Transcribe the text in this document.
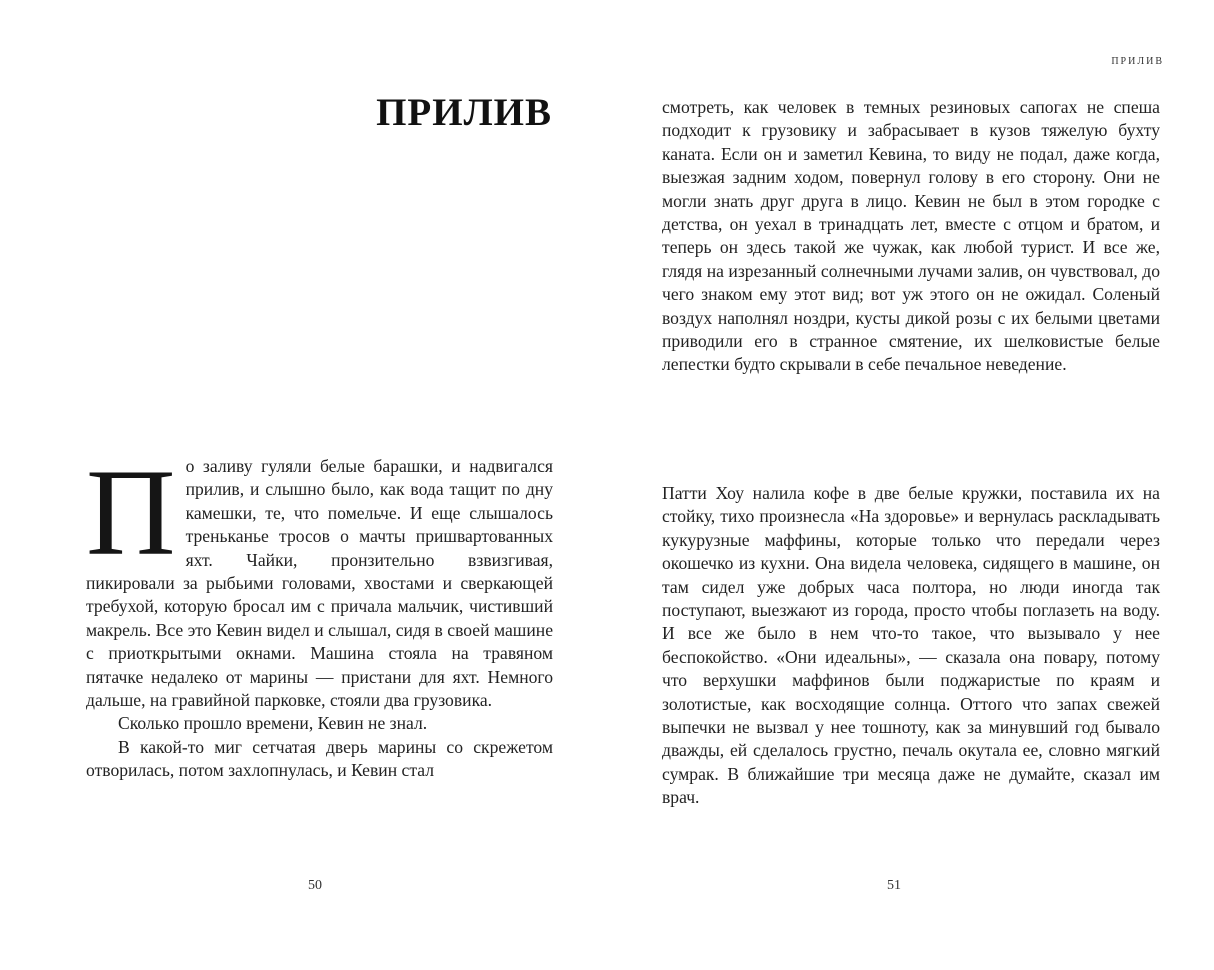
ПРИЛИВ

П о заливу гуляли белые барашки, и надвигался прилив, и слышно было, как вода тащит по дну камешки, те, что помельче. И еще слышалось треньканье тросов о мачты пришвартованных яхт. Чайки, пронзительно взвизгивая, пикировали за рыбьими головами, хвостами и сверкающей требухой, которую бросал им с причала мальчик, чистивший макрель. Все это Кевин видел и слышал, сидя в своей машине с приоткрытыми окнами. Машина стояла на травяном пятачке недалеко от марины — пристани для яхт. Немного дальше, на гравийной парковке, стояли два грузовика.

Сколько прошло времени, Кевин не знал.

В какой-то миг сетчатая дверь марины со скрежетом отворилась, потом захлопнулась, и Кевин стал

50
ПРИЛИВ

смотреть, как человек в темных резиновых сапогах не спеша подходит к грузовику и забрасывает в кузов тяжелую бухту каната. Если он и заметил Кевина, то виду не подал, даже когда, выезжая задним ходом, повернул голову в его сторону. Они не могли знать друг друга в лицо. Кевин не был в этом городке с детства, он уехал в тринадцать лет, вместе с отцом и братом, и теперь он здесь такой же чужак, как любой турист. И все же, глядя на изрезанный солнечными лучами залив, он чувствовал, до чего знаком ему этот вид; вот уж этого он не ожидал. Соленый воздух наполнял ноздри, кусты дикой розы с их белыми цветами приводили его в странное смятение, их шелковистые белые лепестки будто скрывали в себе печальное неведение.

Патти Хоу налила кофе в две белые кружки, поставила их на стойку, тихо произнесла «На здоровье» и вернулась раскладывать кукурузные маффины, которые только что передали через окошечко из кухни. Она видела человека, сидящего в машине, он там сидел уже добрых часа полтора, но люди иногда так поступают, выезжают из города, просто чтобы поглазеть на воду. И все же было в нем что-то такое, что вызывало у нее беспокойство. «Они идеальны», — сказала она повару, потому что верхушки маффинов были поджаристые по краям и золотистые, как восходящие солнца. Оттого что запах свежей выпечки не вызвал у нее тошноту, как за минувший год бывало дважды, ей сделалось грустно, печаль окутала ее, словно мягкий сумрак. В ближайшие три месяца даже не думайте, сказал им врач.

51
